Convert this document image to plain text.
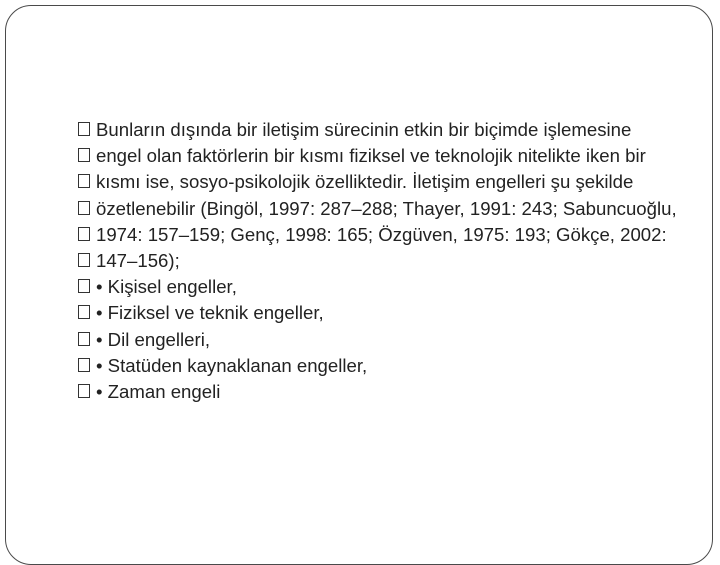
Bunların dışında bir iletişim sürecinin etkin bir biçimde işlemesine
engel olan faktörlerin bir kısmı fiziksel ve teknolojik nitelikte iken bir
kısmı ise, sosyo-psikolojik özelliktedir. İletişim engelleri şu şekilde
özetlenebilir (Bingöl, 1997: 287–288; Thayer, 1991: 243; Sabuncuoğlu,
1974: 157–159; Genç, 1998: 165; Özgüven, 1975: 193; Gökçe, 2002:
147–156);
• Kişisel engeller,
• Fiziksel ve teknik engeller,
• Dil engelleri,
• Statüden kaynaklanan engeller,
• Zaman engeli
